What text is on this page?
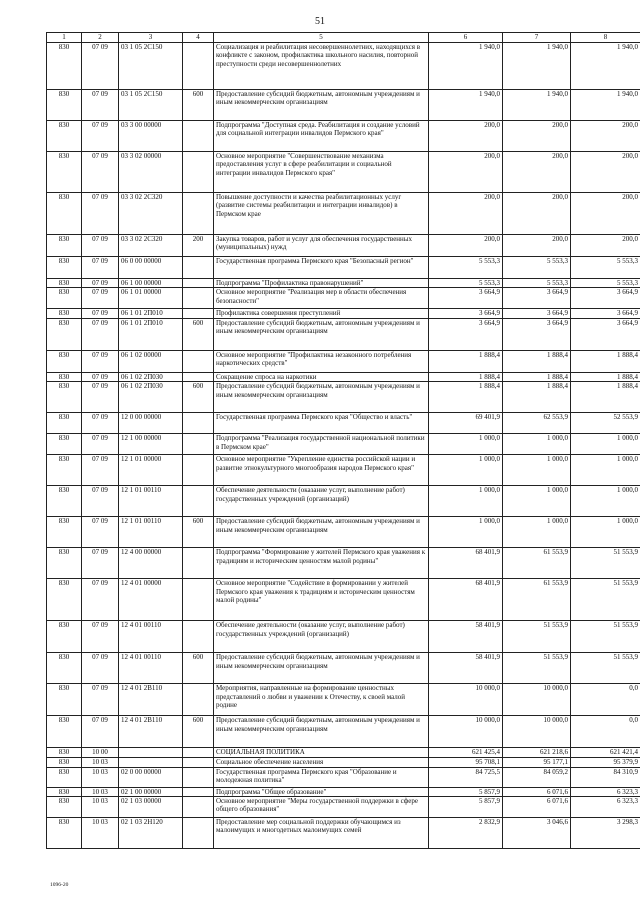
51
1	2	3	4	5	6	7	8
830	07 09	03 1 05 2С150		Социализация и реабилитация несовершеннолетних, находящихся в конфликте с законом, профилактика школьного насилия, повторной преступности среди несовершеннолетних	1 940,0	1 940,0	1 940,0
830	07 09	03 1 05 2С150	600	Предоставление субсидий бюджетным, автономным учреждениям и иным некоммерческим организациям	1 940,0	1 940,0	1 940,0
830	07 09	03 3 00 00000		Подпрограмма "Доступная среда. Реабилитация и создание условий для социальной интеграции инвалидов Пермского края"	200,0	200,0	200,0
830	07 09	03 3 02 00000		Основное мероприятие "Совершенствование механизма предоставления услуг в сфере реабилитации и социальной интеграции инвалидов Пермского края"	200,0	200,0	200,0
830	07 09	03 3 02 2С320		Повышение доступности и качества реабилитационных услуг (развитие системы реабилитации и интеграции инвалидов) в Пермском крае	200,0	200,0	200,0
830	07 09	03 3 02 2С320	200	Закупка товаров, работ и услуг для обеспечения государственных (муниципальных) нужд	200,0	200,0	200,0
830	07 09	06 0 00 00000		Государственная программа Пермского края "Безопасный регион"	5 553,3	5 553,3	5 553,3
830	07 09	06 1 00 00000		Подпрограмма "Профилактика правонарушений"	5 553,3	5 553,3	5 553,3
830	07 09	06 1 01 00000		Основное мероприятие "Реализация мер в области обеспечения безопасности"	3 664,9	3 664,9	3 664,9
830	07 09	06 1 01 2П010		Профилактика совершения преступлений	3 664,9	3 664,9	3 664,9
830	07 09	06 1 01 2П010	600	Предоставление субсидий бюджетным, автономным учреждениям и иным некоммерческим организациям	3 664,9	3 664,9	3 664,9
830	07 09	06 1 02 00000		Основное мероприятие "Профилактика незаконного потребления наркотических средств"	1 888,4	1 888,4	1 888,4
830	07 09	06 1 02 2П030		Сокращение спроса на наркотики	1 888,4	1 888,4	1 888,4
830	07 09	06 1 02 2П030	600	Предоставление субсидий бюджетным, автономным учреждениям и иным некоммерческим организациям	1 888,4	1 888,4	1 888,4
830	07 09	12 0 00 00000		Государственная программа Пермского края "Общество и власть"	69 401,9	62 553,9	52 553,9
830	07 09	12 1 00 00000		Подпрограмма "Реализация государственной национальной политики в Пермском крае"	1 000,0	1 000,0	1 000,0
830	07 09	12 1 01 00000		Основное мероприятие "Укрепление единства российской нации и развитие этнокультурного многообразия народов Пермского края"	1 000,0	1 000,0	1 000,0
830	07 09	12 1 01 00110		Обеспечение деятельности (оказание услуг, выполнение работ) государственных учреждений (организаций)	1 000,0	1 000,0	1 000,0
830	07 09	12 1 01 00110	600	Предоставление субсидий бюджетным, автономным учреждениям и иным некоммерческим организациям	1 000,0	1 000,0	1 000,0
830	07 09	12 4 00 00000		Подпрограмма "Формирование у жителей Пермского края уважения к традициям и историческим ценностям малой родины"	68 401,9	61 553,9	51 553,9
830	07 09	12 4 01 00000		Основное мероприятие "Содействие в формировании у жителей Пермского края уважения к традициям и историческим ценностям малой родины"	68 401,9	61 553,9	51 553,9
830	07 09	12 4 01 00110		Обеспечение деятельности (оказание услуг, выполнение работ) государственных учреждений (организаций)	58 401,9	51 553,9	51 553,9
830	07 09	12 4 01 00110	600	Предоставление субсидий бюджетным, автономным учреждениям и иным некоммерческим организациям	58 401,9	51 553,9	51 553,9
830	07 09	12 4 01 2В110		Мероприятия, направленные на формирование ценностных представлений о любви и уважении к Отечеству, к своей малой родине	10 000,0	10 000,0	0,0
830	07 09	12 4 01 2В110	600	Предоставление субсидий бюджетным, автономным учреждениям и иным некоммерческим организациям	10 000,0	10 000,0	0,0
830	10 00			СОЦИАЛЬНАЯ ПОЛИТИКА	621 425,4	621 218,6	621 421,4
830	10 03			Социальное обеспечение населения	95 708,1	95 177,1	95 379,9
830	10 03	02 0 00 00000		Государственная программа Пермского края "Образование и молодежная политика"	84 725,5	84 059,2	84 310,9
830	10 03	02 1 00 00000		Подпрограмма "Общее образование"	5 857,9	6 071,6	6 323,3
830	10 03	02 1 03 00000		Основное мероприятие "Меры государственной поддержки в сфере общего образования"	5 857,9	6 071,6	6 323,3
830	10 03	02 1 03 2Н120		Предоставление мер социальной поддержки обучающимся из малоимущих и многодетных малоимущих семей	2 832,9	3 046,6	3 298,3
1096-20
